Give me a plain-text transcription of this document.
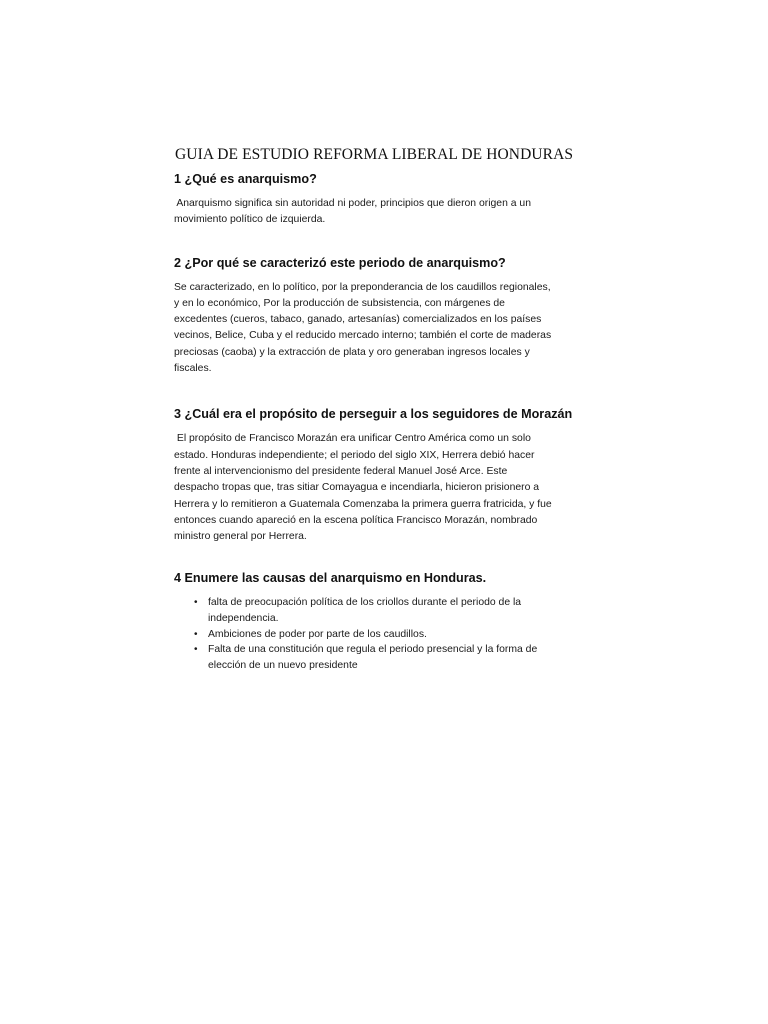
GUIA DE ESTUDIO REFORMA LIBERAL DE HONDURAS
1 ¿Qué es anarquismo?

Anarquismo significa sin autoridad ni poder, principios que dieron origen a un
movimiento político de izquierda.

2 ¿Por qué se caracterizó este periodo de anarquismo?

Se caracterizado, en lo político, por la preponderancia de los caudillos regionales,
y en lo económico, Por la producción de subsistencia, con márgenes de
excedentes (cueros, tabaco, ganado, artesanías) comercializados en los países
vecinos, Belice, Cuba y el reducido mercado interno; también el corte de maderas
preciosas (caoba) y la extracción de plata y oro generaban ingresos locales y
fiscales.

3 ¿Cuál era el propósito de perseguir a los seguidores de Morazán

El propósito de Francisco Morazán era unificar Centro América como un solo
estado. Honduras independiente; el periodo del siglo XIX, Herrera debió hacer
frente al intervencionismo del presidente federal Manuel José Arce. Este
despacho tropas que, tras sitiar Comayagua e incendiarla, hicieron prisionero a
Herrera y lo remitieron a Guatemala Comenzaba la primera guerra fratricida, y fue
entonces cuando apareció en la escena política Francisco Morazán, nombrado
ministro general por Herrera.

4 Enumere las causas del anarquismo en Honduras.
• falta de preocupación política de los criollos durante el periodo de la
independencia.
• Ambiciones de poder por parte de los caudillos.
• Falta de una constitución que regula el periodo presencial y la forma de
elección de un nuevo presidente
